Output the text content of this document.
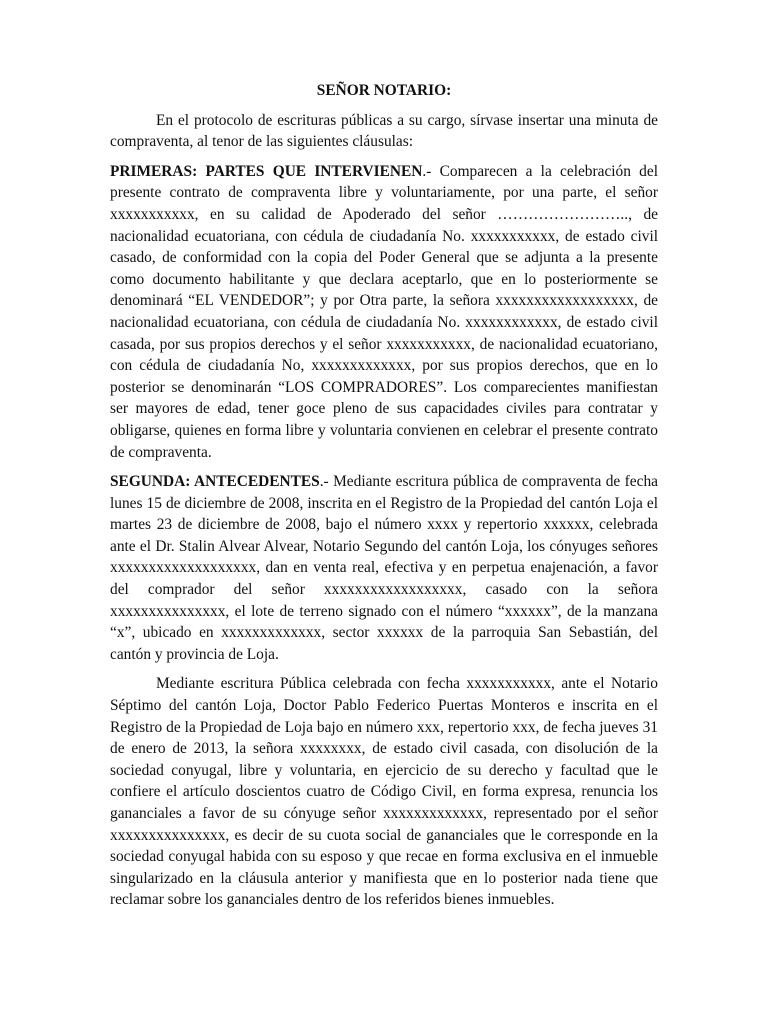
SEÑOR NOTARIO:

En el protocolo de escrituras públicas a su cargo, sírvase insertar una minuta de compraventa, al tenor de las siguientes cláusulas:

PRIMERAS: PARTES QUE INTERVIENEN.- Comparecen a la celebración del presente contrato de compraventa libre y voluntariamente, por una parte, el señor xxxxxxxxxxx, en su calidad de Apoderado del señor …………………….., de nacionalidad ecuatoriana, con cédula de ciudadanía No. xxxxxxxxxxx, de estado civil casado, de conformidad con la copia del Poder General que se adjunta a la presente como documento habilitante y que declara aceptarlo, que en lo posteriormente se denominará “EL VENDEDOR”; y por Otra parte, la señora xxxxxxxxxxxxxxxxxx, de nacionalidad ecuatoriana, con cédula de ciudadanía No. xxxxxxxxxxxx, de estado civil casada, por sus propios derechos y el señor xxxxxxxxxxx, de nacionalidad ecuatoriano, con cédula de ciudadanía No, xxxxxxxxxxxxx, por sus propios derechos, que en lo posterior se denominarán “LOS COMPRADORES”. Los comparecientes manifiestan ser mayores de edad, tener goce pleno de sus capacidades civiles para contratar y obligarse, quienes en forma libre y voluntaria convienen en celebrar el presente contrato de compraventa.

SEGUNDA: ANTECEDENTES.- Mediante escritura pública de compraventa de fecha lunes 15 de diciembre de 2008, inscrita en el Registro de la Propiedad del cantón Loja el martes 23 de diciembre de 2008, bajo el número xxxx y repertorio xxxxxx, celebrada ante el Dr. Stalin Alvear Alvear, Notario Segundo del cantón Loja, los cónyuges señores xxxxxxxxxxxxxxxxxxx, dan en venta real, efectiva y en perpetua enajenación, a favor del comprador del señor xxxxxxxxxxxxxxxxxx, casado con la señora xxxxxxxxxxxxxxx, el lote de terreno signado con el número “xxxxxx”, de la manzana “x”, ubicado en xxxxxxxxxxxxx, sector xxxxxx de la parroquia San Sebastián, del cantón y provincia de Loja.

Mediante escritura Pública celebrada con fecha xxxxxxxxxxx, ante el Notario Séptimo del cantón Loja, Doctor Pablo Federico Puertas Monteros e inscrita en el Registro de la Propiedad de Loja bajo en número xxx, repertorio xxx, de fecha jueves 31 de enero de 2013, la señora xxxxxxxx, de estado civil casada, con disolución de la sociedad conyugal, libre y voluntaria, en ejercicio de su derecho y facultad que le confiere el artículo doscientos cuatro de Código Civil, en forma expresa, renuncia los gananciales a favor de su cónyuge señor xxxxxxxxxxxxx, representado por el señor xxxxxxxxxxxxxxx, es decir de su cuota social de gananciales que le corresponde en la sociedad conyugal habida con su esposo y que recae en forma exclusiva en el inmueble singularizado en la cláusula anterior y manifiesta que en lo posterior nada tiene que reclamar sobre los gananciales dentro de los referidos bienes inmuebles.
